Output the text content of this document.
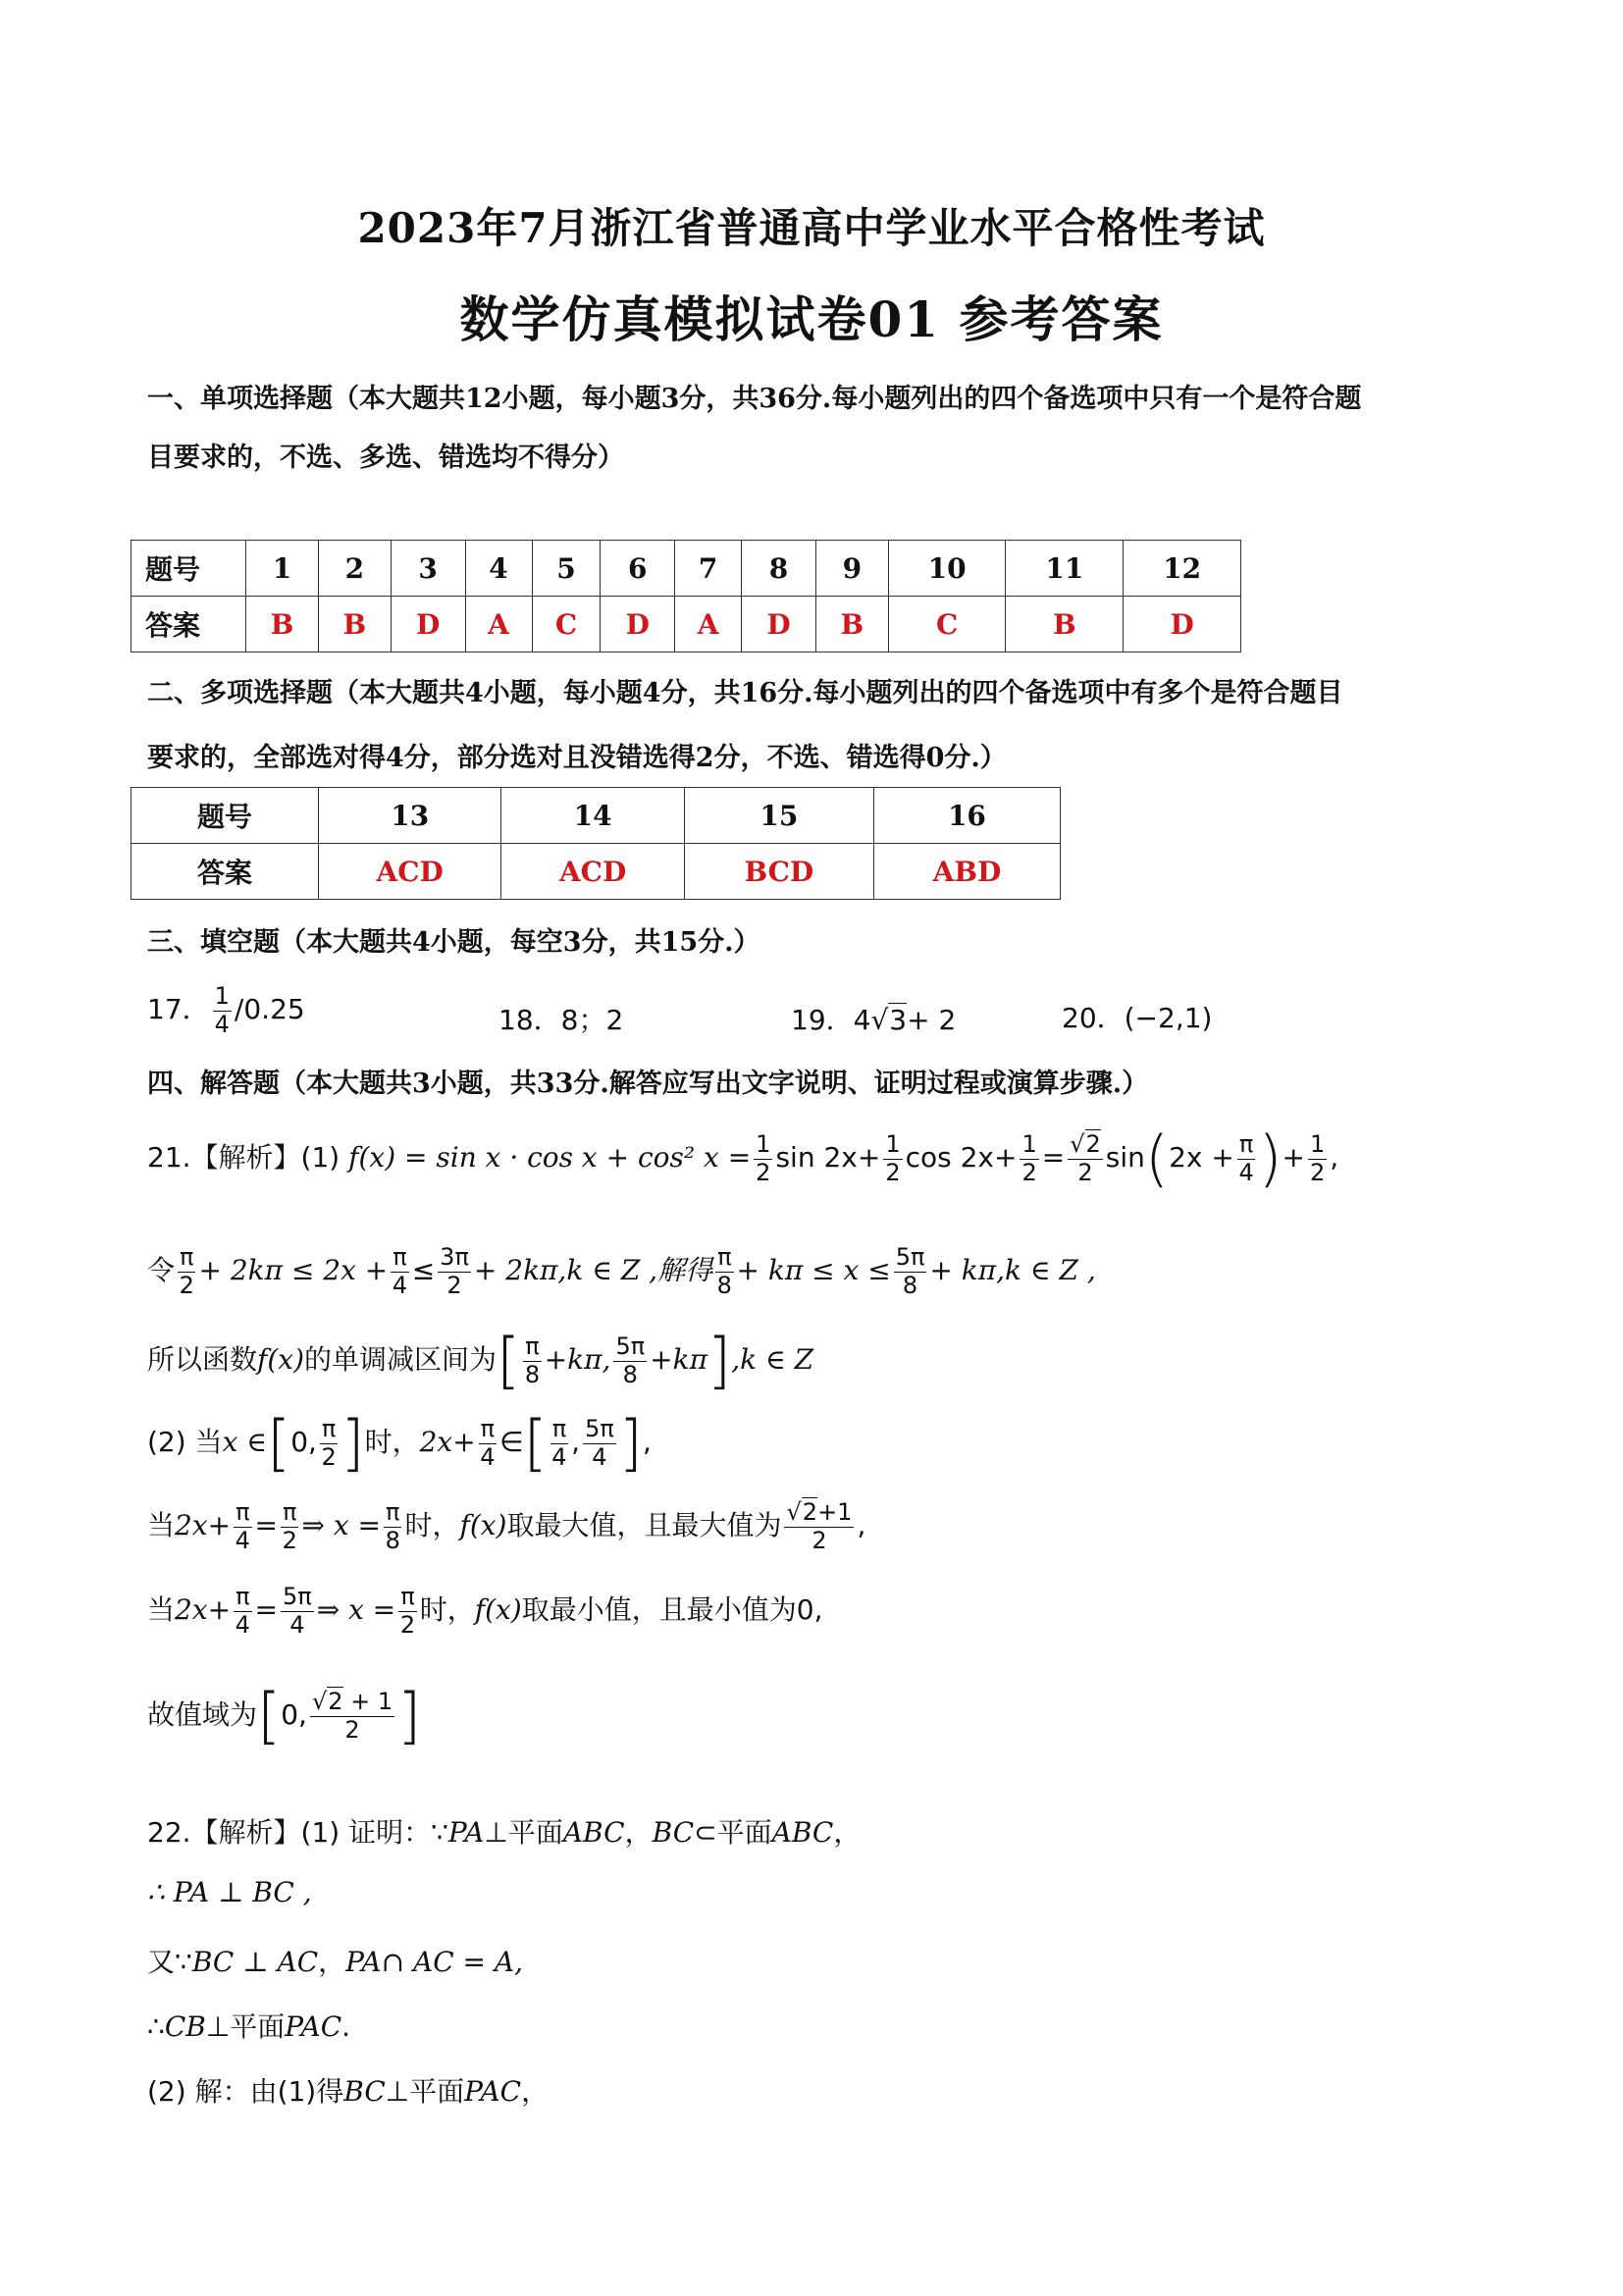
2023年7月浙江省普通高中学业水平合格性考试
数学仿真模拟试卷01 参考答案
一、单项选择题（本大题共12小题，每小题3分，共36分.每小题列出的四个备选项中只有一个是符合题
目要求的，不选、多选、错选均不得分）
题号	1	2	3	4	5	6	7	8	9	10	11	12
答案	B	B	D	A	C	D	A	D	B	C	B	D
二、多项选择题（本大题共4小题，每小题4分，共16分.每小题列出的四个备选项中有多个是符合题目
要求的，全部选对得4分，部分选对且没错选得2分，不选、错选得0分.）
题号	13	14	15	16
答案	ACD	ACD	BCD	ABD
三、填空题（本大题共4小题，每空3分，共15分.）
17． $\frac{1}{4} /0.25$	18．8；2	19．4√3+ 2	20．(−2,1)
四、解答题（本大题共3小题，共33分.解答应写出文字说明、证明过程或演算步骤.）
21.【解析】(1) f(x) = sin x · cos x + cos² $x = \frac{1}{2}$ $\sin 2x+ \frac{1}{2}$ $\cos 2x+ \frac{1}{2} = \frac{√2}{2} \sin(2x + \frac{\pi}{4}$ )+ $\frac{1}{2}$ ,
令 $\frac{\pi}{2} + 2k\pi \le 2x + \frac{\pi}{4} \le \frac{3\pi}{2} + 2k\pi,k$ ∈ Z ,解得 $\frac{\pi}{8} + k\pi \le x \le \frac{5\pi}{8} + k\pi,k$ ∈ Z ,
所以函数f(x)的单调减区间为[ $\frac{\pi}{8} +k\pi$, $\frac{5\pi}{8} +k\pi],k$ ∈ Z
(2) 当x ∈[0, $\frac{\pi}{2}$ ]时，$2x+ \frac{\pi}{4}$ ∈[ $\frac{\pi}{4}$ , $\frac{5\pi}{4}$ ],
当$2x+ \frac{\pi}{4} = \frac{\pi}{2}$ ⇒ $x = \frac{\pi}{8}$ 时，f(x)取最大值，且最大值为 $\frac{√2+1}{2}$ ,
当$2x+ \frac{\pi}{4} = \frac{5\pi}{4}$ ⇒ $x = \frac{\pi}{2}$ 时，f(x)取最小值，且最小值为0,
故值域为[0, $\frac{√2 + 1}{2}$ ]
22.【解析】(1) 证明：∵PA⊥平面ABC，BC⊂平面ABC，
∴ PA ⊥ BC ,
又∵BC ⊥ AC，PA∩ AC = A,
∴CB⊥平面PAC.
(2) 解：由(1)得BC⊥平面PAC，
